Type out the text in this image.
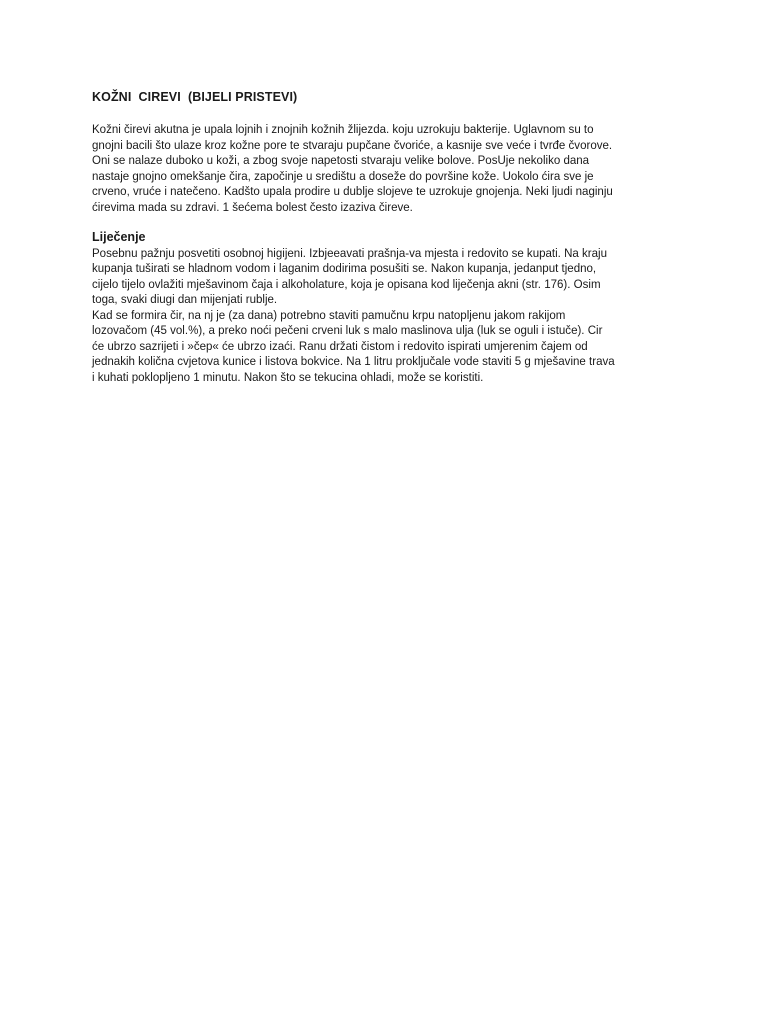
KOŽNI  CIREVI  (BIJELI PRISTEVI)
Kožni čirevi akutna je upala lojnih i znojnih kožnih žlijezda. koju uzrokuju bakterije. Uglavnom su to
gnojni bacili što ulaze kroz kožne pore te stvaraju pupčane čvoriće, a kasnije sve veće i tvrđe čvorove.
Oni se nalaze duboko u koži, a zbog svoje napetosti stvaraju velike bolove. PosUje nekoliko dana
nastaje gnojno omekšanje čira, započinje u središtu a doseže do površine kože. Uokolo ćira sve je
crveno, vruće i natečeno. Kadšto upala prodire u dublje slojeve te uzrokuje gnojenja. Neki ljudi naginju
ćirevima mada su zdravi. 1 šećema bolest često izaziva čireve.
Liječenje
Posebnu pažnju posvetiti osobnoj higijeni. Izbjeeavati prašnja-va mjesta i redovito se kupati. Na kraju
kupanja tuširati se hladnom vodom i laganim dodirima posušiti se. Nakon kupanja, jedanput tjedno,
cijelo tijelo ovlažiti mješavinom čaja i alkoholature, koja je opisana kod liječenja akni (str. 176). Osim
toga, svaki diugi dan mijenjati rublje.
Kad se formira čir, na nj je (za dana) potrebno staviti pamučnu krpu natopljenu jakom rakijom
lozovačom (45 vol.%), a preko noći pečeni crveni luk s malo maslinova ulja (luk se oguli i istuče). Cir
će ubrzo sazrijeti i »čep« će ubrzo izaći. Ranu držati čistom i redovito ispirati umjerenim čajem od
jednakih količna cvjetova kunice i listova bokvice. Na 1 litru proključale vode staviti 5 g mješavine trava
i kuhati poklopljeno 1 minutu. Nakon što se tekucina ohladi, može se koristiti.
